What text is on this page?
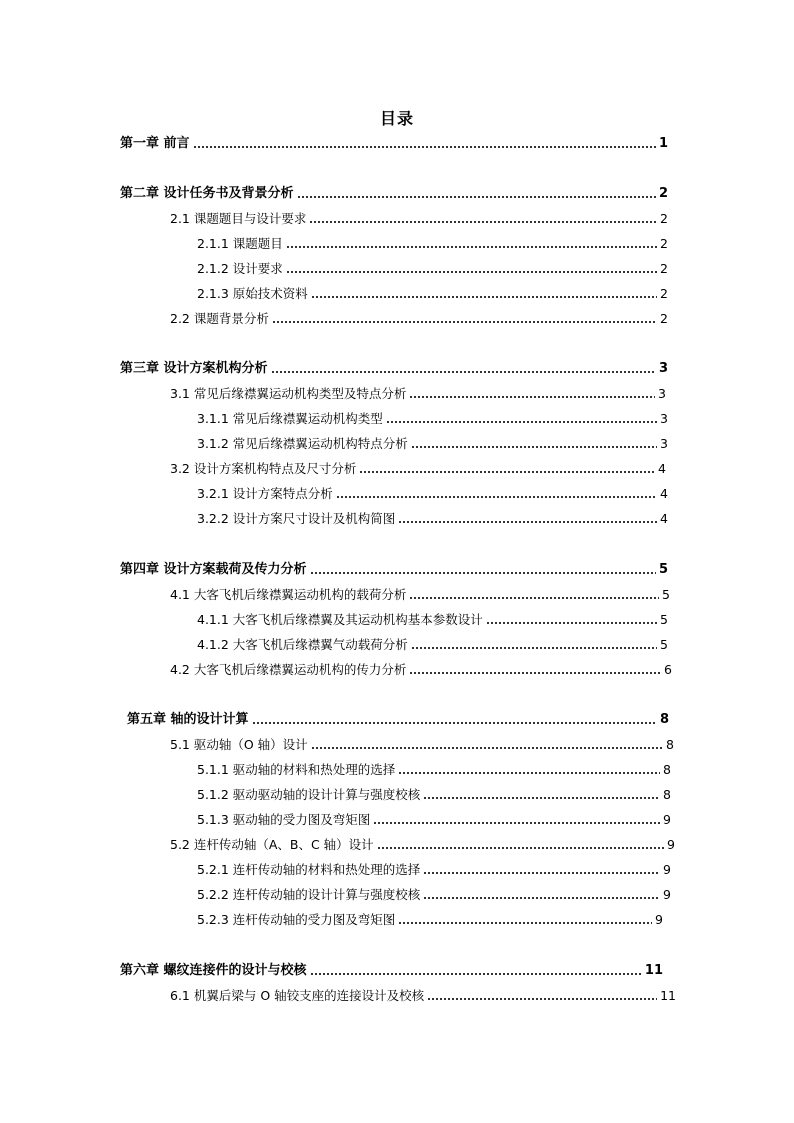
目录
第一章 前言	1
第二章 设计任务书及背景分析	2
2.1 课题题目与设计要求	2
2.1.1 课题题目	2
2.1.2 设计要求	2
2.1.3 原始技术资料	2
2.2 课题背景分析	2
第三章 设计方案机构分析	3
3.1 常见后缘襟翼运动机构类型及特点分析	3
3.1.1 常见后缘襟翼运动机构类型	3
3.1.2 常见后缘襟翼运动机构特点分析	3
3.2 设计方案机构特点及尺寸分析	4
3.2.1 设计方案特点分析	4
3.2.2 设计方案尺寸设计及机构简图	4
第四章 设计方案载荷及传力分析	5
4.1 大客飞机后缘襟翼运动机构的载荷分析	5
4.1.1 大客飞机后缘襟翼及其运动机构基本参数设计	5
4.1.2 大客飞机后缘襟翼气动载荷分析	5
4.2 大客飞机后缘襟翼运动机构的传力分析	6
第五章 轴的设计计算	8
5.1 驱动轴（O 轴）设计	8
5.1.1 驱动轴的材料和热处理的选择	8
5.1.2 驱动驱动轴的设计计算与强度校核	8
5.1.3 驱动轴的受力图及弯矩图	9
5.2 连杆传动轴（A、B、C 轴）设计	9
5.2.1 连杆传动轴的材料和热处理的选择	9
5.2.2 连杆传动轴的设计计算与强度校核	9
5.2.3 连杆传动轴的受力图及弯矩图	9
第六章 螺纹连接件的设计与校核	11
6.1 机翼后梁与 O 轴铰支座的连接设计及校核	11
